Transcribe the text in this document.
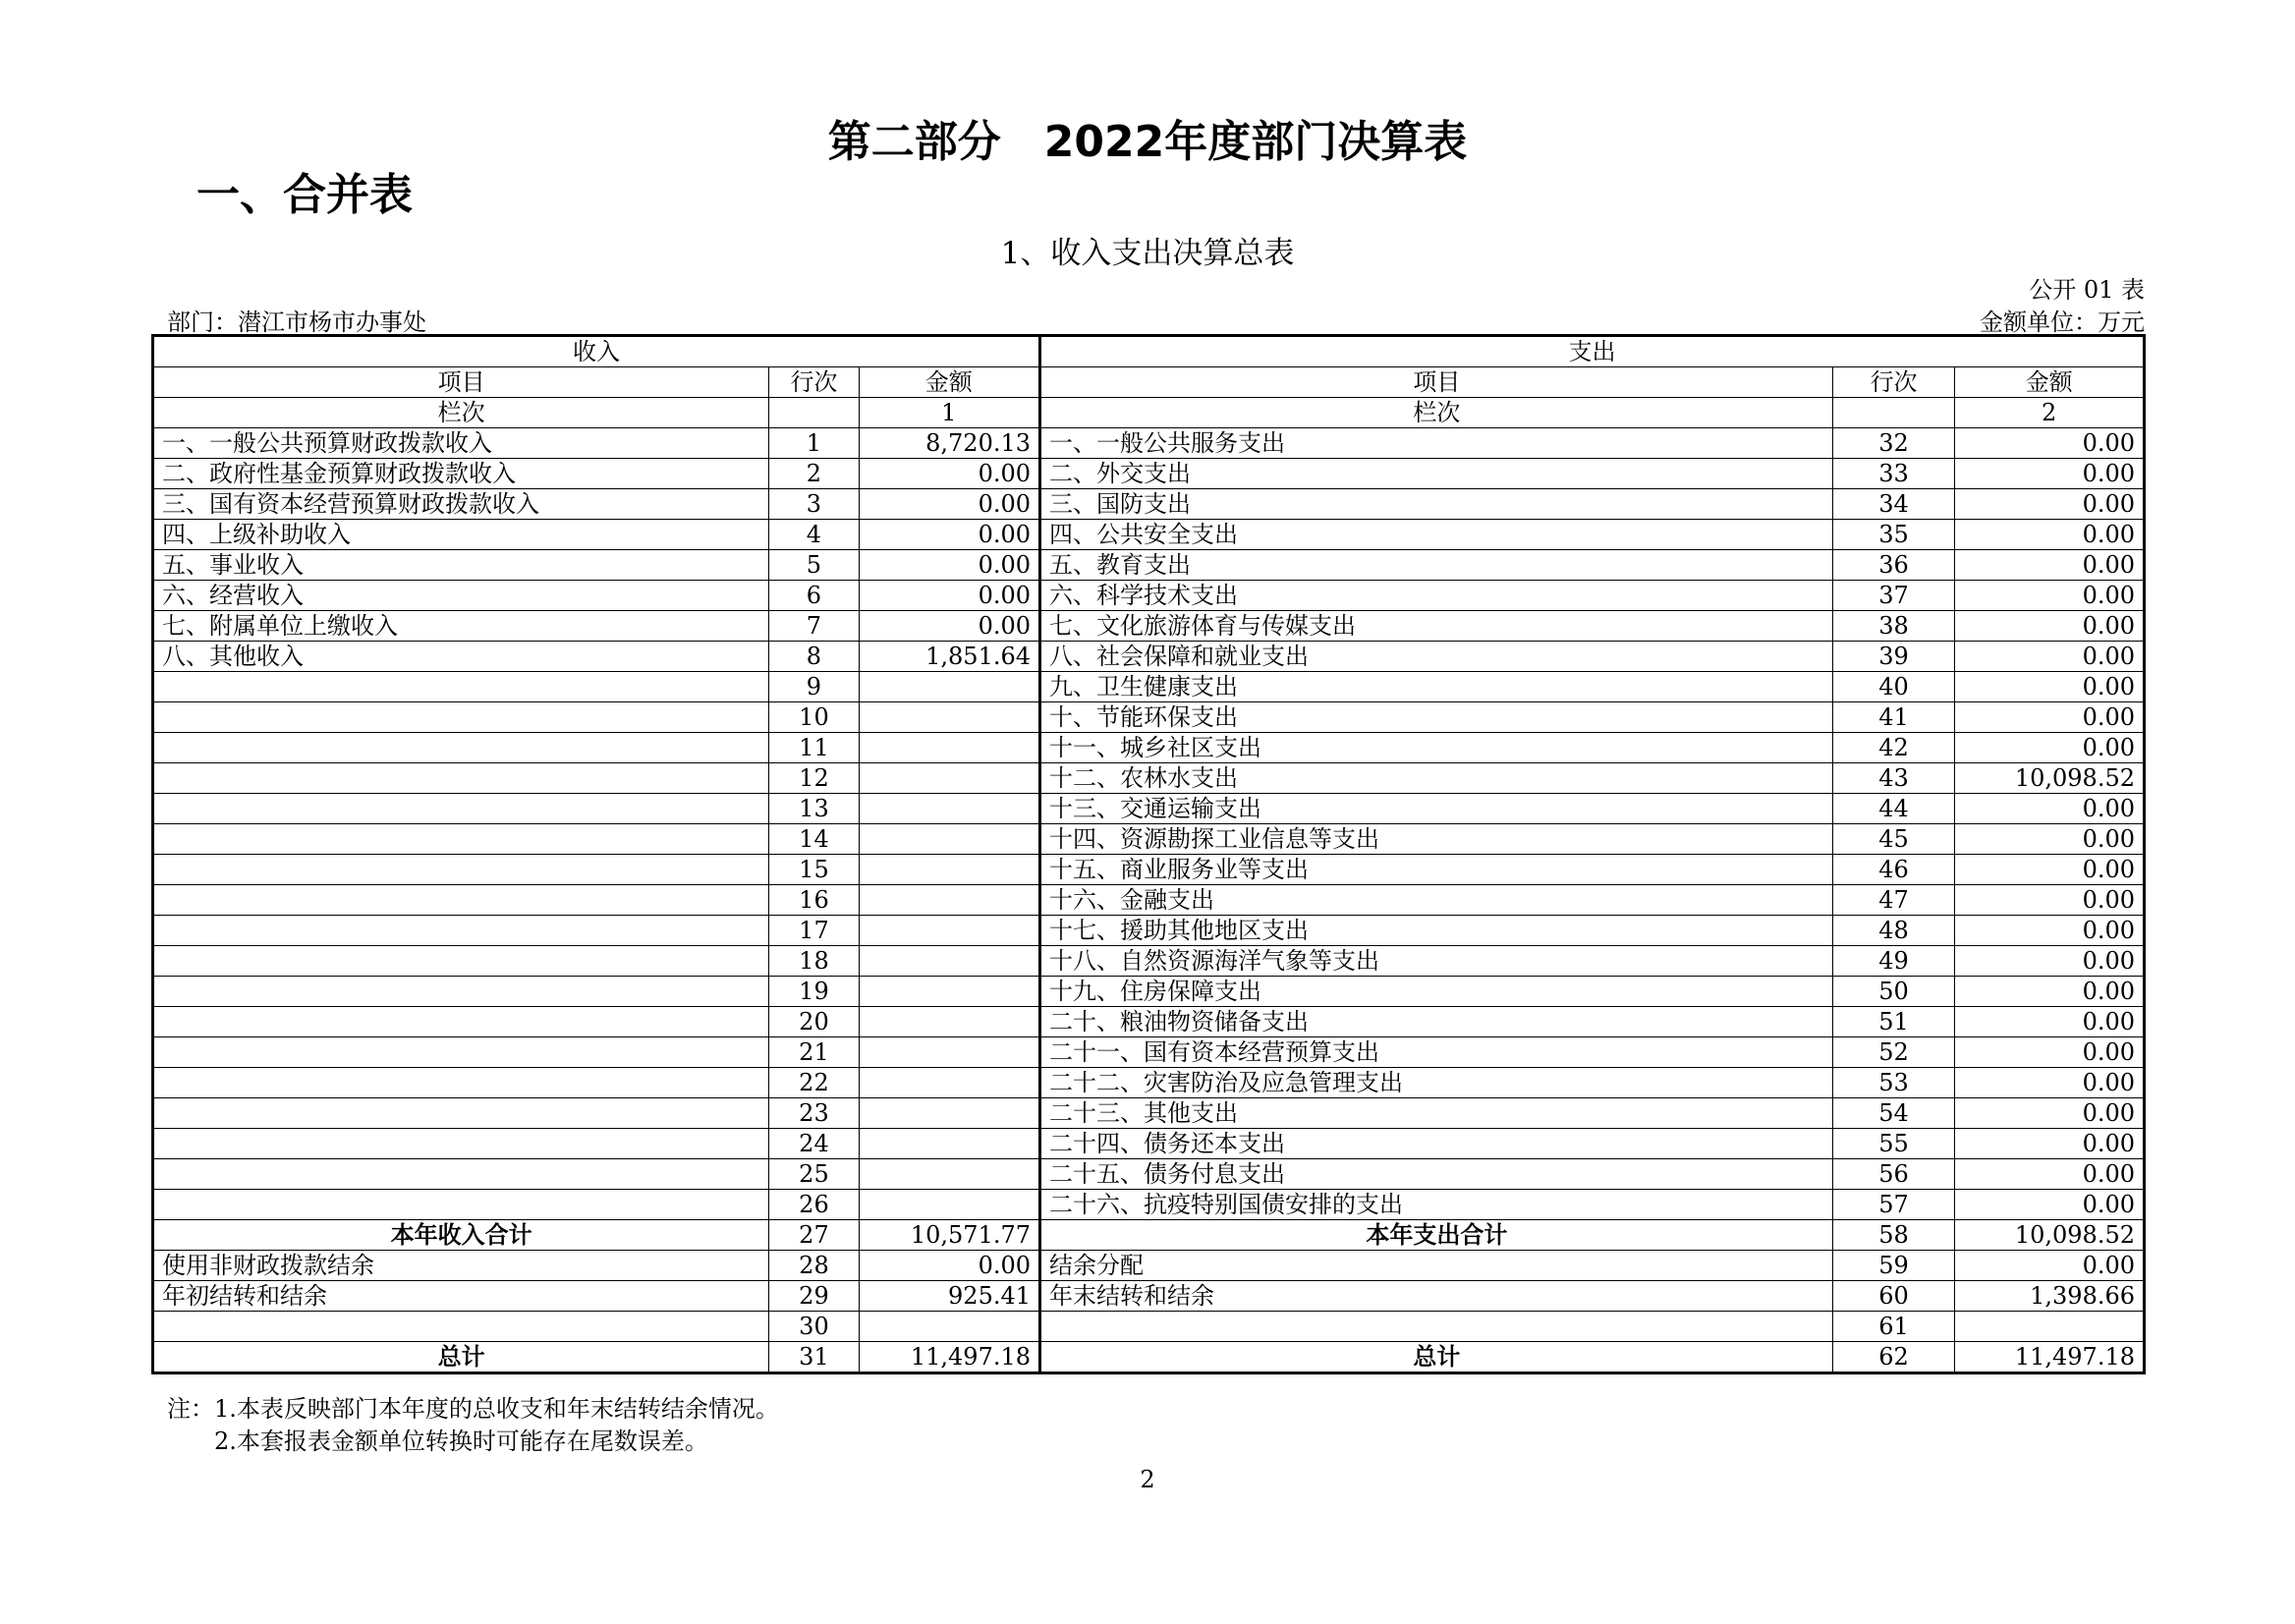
第二部分　2022年度部门决算表
一、合并表
1、收入支出决算总表
公开 01 表
部门：潜江市杨市办事处	金额单位：万元
收入			支出		
项目	行次	金额	项目	行次	金额
栏次		1	栏次		2
一、一般公共预算财政拨款收入	1	8,720.13	一、一般公共服务支出	32	0.00
二、政府性基金预算财政拨款收入	2	0.00	二、外交支出	33	0.00
三、国有资本经营预算财政拨款收入	3	0.00	三、国防支出	34	0.00
四、上级补助收入	4	0.00	四、公共安全支出	35	0.00
五、事业收入	5	0.00	五、教育支出	36	0.00
六、经营收入	6	0.00	六、科学技术支出	37	0.00
七、附属单位上缴收入	7	0.00	七、文化旅游体育与传媒支出	38	0.00
八、其他收入	8	1,851.64	八、社会保障和就业支出	39	0.00
	9		九、卫生健康支出	40	0.00
	10		十、节能环保支出	41	0.00
	11		十一、城乡社区支出	42	0.00
	12		十二、农林水支出	43	10,098.52
	13		十三、交通运输支出	44	0.00
	14		十四、资源勘探工业信息等支出	45	0.00
	15		十五、商业服务业等支出	46	0.00
	16		十六、金融支出	47	0.00
	17		十七、援助其他地区支出	48	0.00
	18		十八、自然资源海洋气象等支出	49	0.00
	19		十九、住房保障支出	50	0.00
	20		二十、粮油物资储备支出	51	0.00
	21		二十一、国有资本经营预算支出	52	0.00
	22		二十二、灾害防治及应急管理支出	53	0.00
	23		二十三、其他支出	54	0.00
	24		二十四、债务还本支出	55	0.00
	25		二十五、债务付息支出	56	0.00
	26		二十六、抗疫特别国债安排的支出	57	0.00
本年收入合计	27	10,571.77	本年支出合计	58	10,098.52
使用非财政拨款结余	28	0.00	结余分配	59	0.00
年初结转和结余	29	925.41	年末结转和结余	60	1,398.66
	30			61	
总计	31	11,497.18	总计	62	11,497.18
注：1.本表反映部门本年度的总收支和年末结转结余情况。
2.本套报表金额单位转换时可能存在尾数误差。
2
